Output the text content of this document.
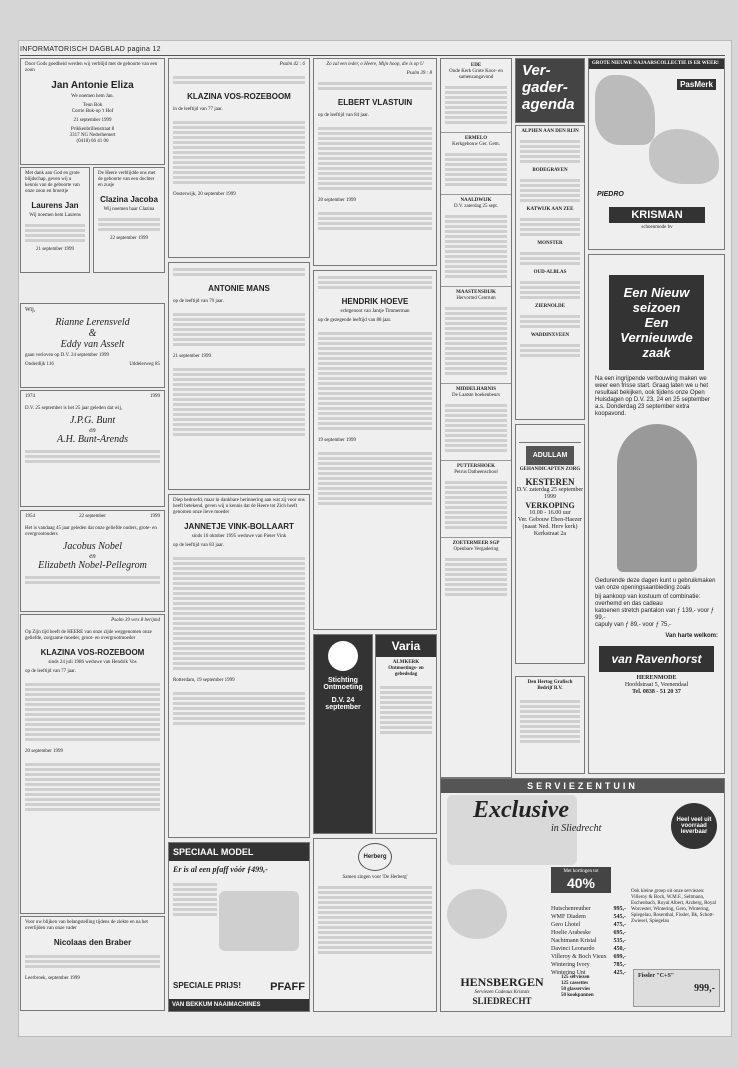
INFORMATORISCH DAGBLAD pagina 12
Door Gods goedheid werden wij verblijd met de geboorte van een zoon
Jan Antonie Eliza
We noemen hem Jan.
Teun Bok
Corrie Bok-op 't Hof
21 september 1999
Prikkenbrillenstraat 8
3317 NG Nederhemert
(0418) 66 41 00
Met dank aan God en grote blijdschap, geven wij u kennis van de geboorte van onze zoon en broertje
Laurens Jan
Wij noemen hem Laurens
21 september 1999
De Heere verblijdde ons met de geboorte van een dochter en zusje
Clazina Jacoba
Wij noemen haar Clazina
22 september 1999
Wij,
Rianne Lerensveld
&
Eddy van Asselt
gaan verloven op D.V. 24 september 1999
Onderdijk 116	Uddelerweg 85
1974	1999
D.V. 25 september is het 25 jaar geleden dat wij,
J.P.G. Bunt
en
A.H. Bunt-Arends
1954	22 september	1999
Het is vandaag 45 jaar geleden dat onze geliefde ouders, grote- en overgrootouders
Jacobus Nobel
en
Elizabeth Nobel-Pellegrom
Psalm 39 vers 8 berijmd
Op Zijn tijd heeft de HEERE van onze zijde weggenomen onze geliefde, zorgzame moeder, groot- en overgrootmoeder
KLAZINA VOS-ROZEBOOM
sinds 24 juli 1986 weduwe van Hendrik Vos
op de leeftijd van 77 jaar.
20 september 1999
Voor uw blijken van belangstelling tijdens de ziekte en na het overlijden van onze vader
Nicolaas den Braber
Leerbroek, september 1999
Psalm 42 : 6
KLAZINA VOS-ROZEBOOM
in de leeftijd van 77 jaar.
Oosterwijk, 20 september 1999
ANTONIE MANS
op de leeftijd van 79 jaar.
21 september 1999
Diep bedroefd, maar in dankbare herinnering aan wat zij voor ons heeft betekend, geven wij u kennis dat de Heere tot Zich heeft genomen onze lieve moeder
JANNETJE VINK-BOLLAART
sinds 16 oktober 1995 weduwe van Pieter Vink
op de leeftijd van 83 jaar.
Rotterdam, 19 september 1999
SPECIAAL MODEL
Er is al een pfaff vóór ƒ499,-
SPECIALE PRIJS!	PFAFF
VAN BEKKUM NAAIMACHINES
Zo zal een ieder, o Heere, Mijn hoop, die is op U
Psalm 39 : 8
ELBERT VLASTUIN
op de leeftijd van 84 jaar.
20 september 1999
HENDRIK HOEVE
echtgenoot van Jantje Timmerman
op de gezegende leeftijd van 88 jaar.
19 september 1999
Stichting Ontmoeting
D.V. 24 september
Varia
ALMKERK Ontmoetings- en gebedsdag
Herberg
Samen zingen voor 'De Herberg'
EDE
Oude Kerk Grote Koor- en samenzangavond
ERMELO
Kerkgebouw Ger. Gem.
NAALDWIJK
D.V. zaterdag 25 sept.
MAASTENSDIJK
Hervormd Centrum
MIDDELHARNIS
De Laatste boekenbeurs
PUTTERSHOEK
Petrus Datheenschool
ZOETERMEER SGP
Openbare Vergadering
Ver-
gader-
agenda
ALPHEN AAN DEN RIJN
BODEGRAVEN
KATWIJK AAN ZEE
MONSTER
OUD-ALBLAS
ZIERNOLDE
WADDINXVEEN
ADULLAM
GEHANDICAPTEN ZORG
KESTEREN
D.V. zaterdag 25 september 1999
VERKOPING
10.00 - 16.00 uur
Ver. Gebouw Eben-Haezer (naast Ned. Herv kerk)
Kerkstraat 2a
Den Hertog Grafisch Bedrijf B.V.
GROTE NIEUWE NAJAARSCOLLECTIE IS ER WEER!
PasMerk
PIEDRO
KRISMAN
schoenmode bv
Een Nieuw
seizoen
Een
Vernieuwde
zaak
Na een ingrijpende verbouwing maken we weer een frisse start. Graag laten we u het resultaat bekijken, ook tijdens onze Open Huisdagen op D.V. 23, 24 en 25 september a.s. Donderdag 23 september extra koopavond.
Gedurende deze dagen kunt u gebruikmaken van onze openingsaanbieding zoals
bij aankoop van kostuum of combinatie: overhemd en das cadeau
katoenen stretch pantalon van ƒ 139,- voor ƒ 99,-
capuly van ƒ 89,- voor ƒ 75,-
Van harte welkom:
van Ravenhorst
HERENMODE
Hoofdstraat 5, Veenendaal
Tel. 0838 - 51 20 37
SERVIEZENTUIN
Exclusive
in Sliedrecht
Heel veel uit voorraad leverbaar
Met kortingen tot
40%
Hutschenreuther	995,-
WMF Diadem	545,-
Gero Lhotel	475,-
Hoelie Arabeske	695,-
Nachtmann Kristal	535,-
Davinci Leonardo	450,-
Villeroy & Boch Vieux 699,-
Wintering Ivory	785,-
Wintering Uni	425,-
Ook kleine groep uit onze serviezen: Villeroy & Boch, W.M.F., Seltmann, Eschenbach, Royal Albert, Arzberg, Royal Worcester, Wintering, Gero, Wintering, Spiegelau, Rosenthal, Fissler, Bk, Schott-Zwiesel, Spiegelau
Fissler "C+S"
999,-
HENSBERGEN
Serviezen Cadeaus Kristals
SLIEDRECHT
125 serviezen
125 cassettes
50 glasservies
50 kookpannen
